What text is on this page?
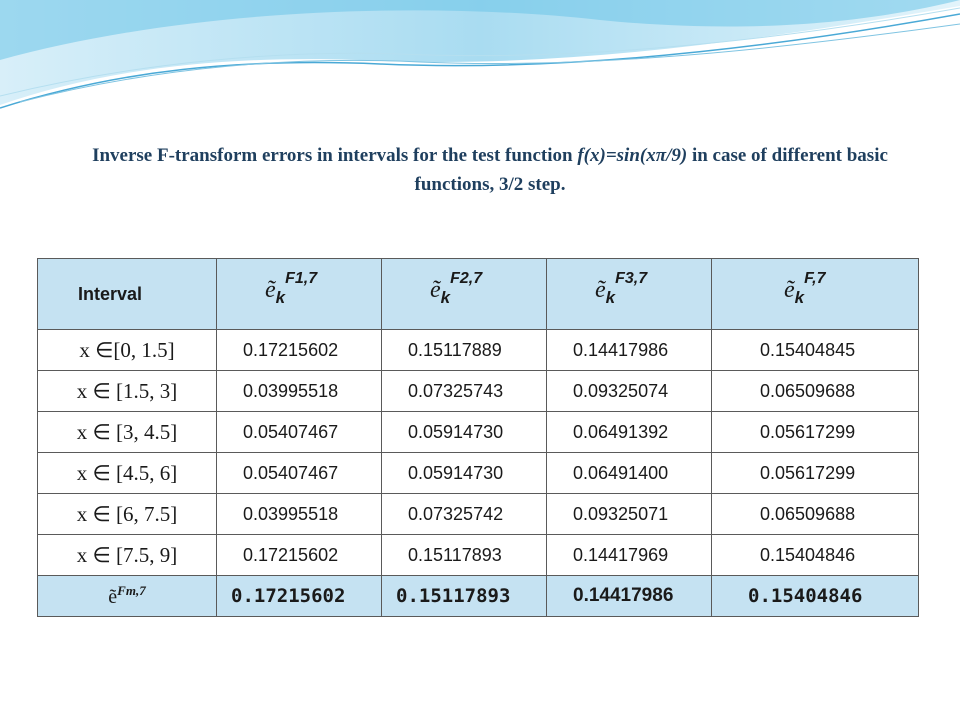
Inverse F-transform errors in intervals for the test function f(x)=sin(xπ/9) in case of different basic functions, 3/2 step.
Interval	ẽkF1,7	ẽkF2,7	ẽkF3,7	ẽkF,7
x ∈[0, 1.5]	0.17215602	0.15117889	0.14417986	0.15404845
x ∈ [1.5, 3]	0.03995518	0.07325743	0.09325074	0.06509688
x ∈ [3, 4.5]	0.05407467	0.05914730	0.06491392	0.05617299
x ∈ [4.5, 6]	0.05407467	0.05914730	0.06491400	0.05617299
x ∈ [6, 7.5]	0.03995518	0.07325742	0.09325071	0.06509688
x ∈ [7.5, 9]	0.17215602	0.15117893	0.14417969	0.15404846
ẽ$^{Fm,7}$	0.17215602	0.15117893	0.14417986	0.15404846
